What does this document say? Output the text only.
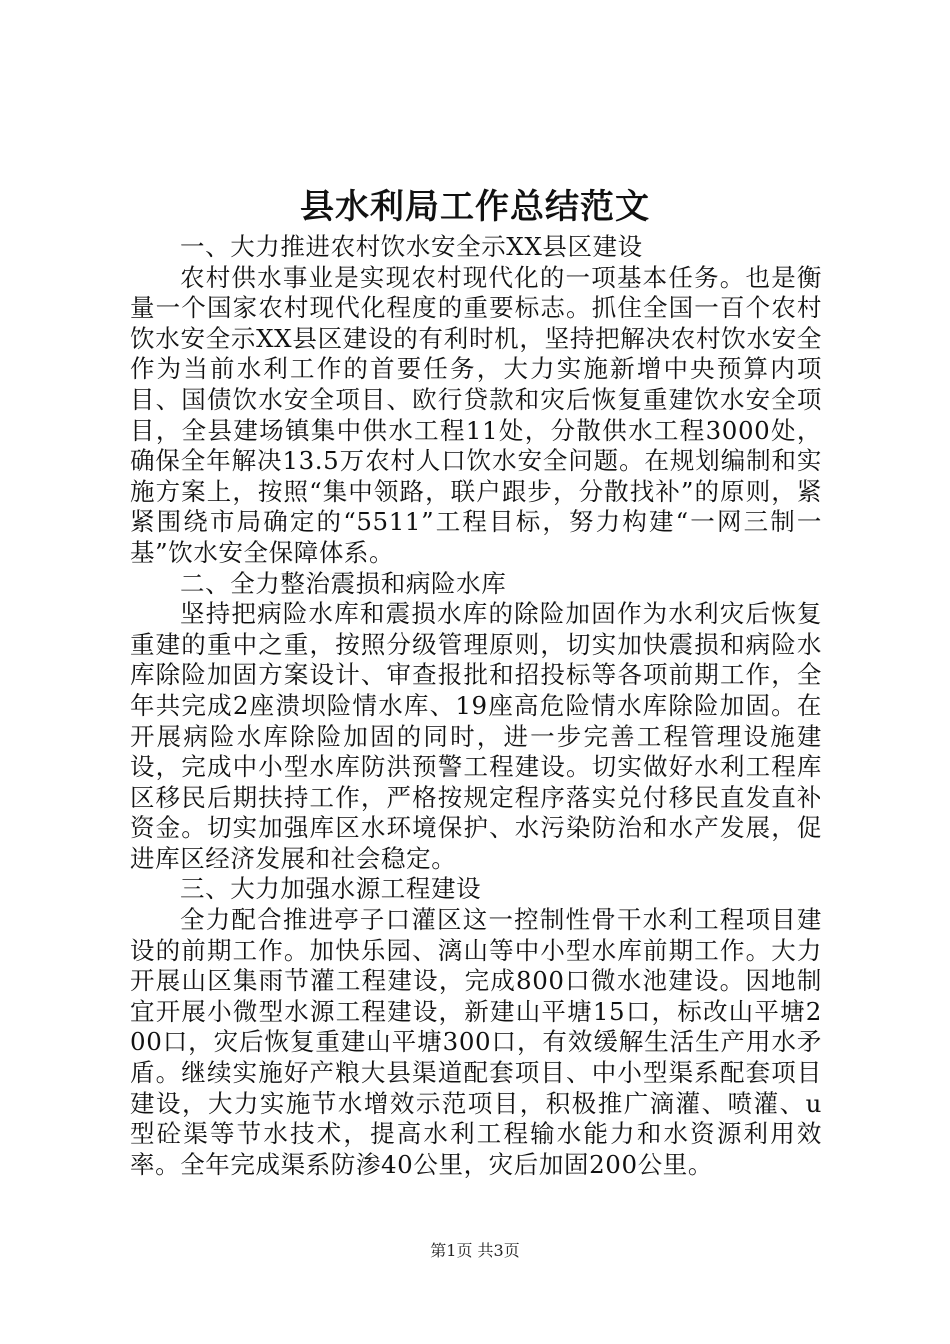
县水利局工作总结范文

一、大力推进农村饮水安全示XX县区建设

农村供水事业是实现农村现代化的一项基本任务。也是衡量一个国家农村现代化程度的重要标志。抓住全国一百个农村饮水安全示XX县区建设的有利时机，坚持把解决农村饮水安全作为当前水利工作的首要任务，大力实施新增中央预算内项目、国债饮水安全项目、欧行贷款和灾后恢复重建饮水安全项目，全县建场镇集中供水工程11处，分散供水工程3000处，确保全年解决13.5万农村人口饮水安全问题。在规划编制和实施方案上，按照“集中领路，联户跟步，分散找补”的原则，紧紧围绕市局确定的“5511”工程目标，努力构建“一网三制一基”饮水安全保障体系。

二、全力整治震损和病险水库

坚持把病险水库和震损水库的除险加固作为水利灾后恢复重建的重中之重，按照分级管理原则，切实加快震损和病险水库除险加固方案设计、审查报批和招投标等各项前期工作，全年共完成2座溃坝险情水库、19座高危险情水库除险加固。在开展病险水库除险加固的同时，进一步完善工程管理设施建设，完成中小型水库防洪预警工程建设。切实做好水利工程库区移民后期扶持工作，严格按规定程序落实兑付移民直发直补资金。切实加强库区水环境保护、水污染防治和水产发展，促进库区经济发展和社会稳定。

三、大力加强水源工程建设

全力配合推进亭子口灌区这一控制性骨干水利工程项目建设的前期工作。加快乐园、漓山等中小型水库前期工作。大力开展山区集雨节灌工程建设，完成800口微水池建设。因地制宜开展小微型水源工程建设，新建山平塘15口，标改山平塘200口，灾后恢复重建山平塘300口，有效缓解生活生产用水矛盾。继续实施好产粮大县渠道配套项目、中小型渠系配套项目建设，大力实施节水增效示范项目，积极推广滴灌、喷灌、u型砼渠等节水技术，提高水利工程输水能力和水资源利用效率。全年完成渠系防渗40公里，灾后加固200公里。

第1页 共3页
